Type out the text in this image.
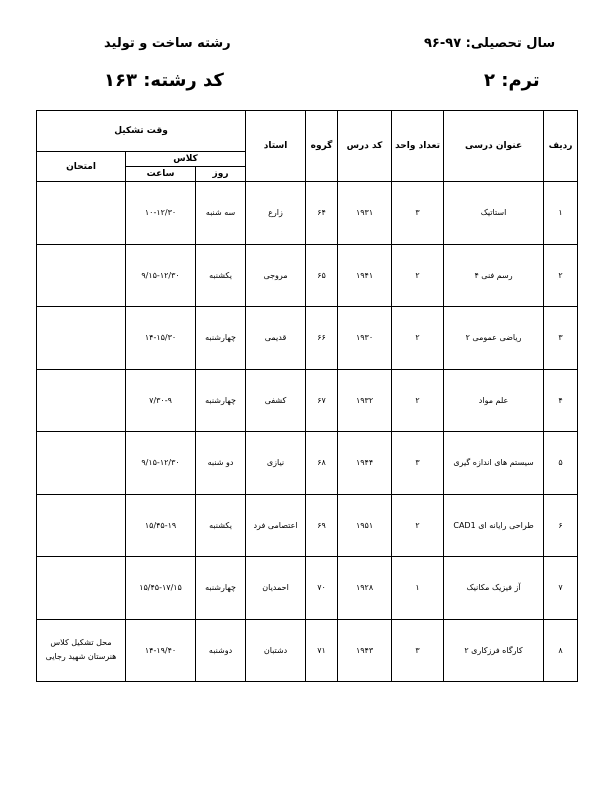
سال تحصیلی: ۹۷-۹۶
رشته ساخت و تولید
ترم: ۲
کد رشته: ۱۶۳
ردیف	عنوان درسی	تعداد واحد	کد درس	گروه	استاد	وقت تشکیل		
						کلاس		امتحان
						روز	ساعت	
۱	استاتیک	۳	۱۹۳۱	۶۴	زارع	سه شنبه	۱۰-۱۲/۳۰	
۲	رسم فنی ۴	۲	۱۹۴۱	۶۵	مروجی	یکشنبه	۹/۱۵-۱۲/۳۰	
۳	ریاضی عمومی ۲	۲	۱۹۳۰	۶۶	قدیمی	چهارشنبه	۱۴-۱۵/۳۰	
۴	علم مواد	۲	۱۹۳۲	۶۷	کشفی	چهارشنبه	۷/۳۰-۹	
۵	سیستم های اندازه گیری	۳	۱۹۴۴	۶۸	نیازی	دو شنبه	۹/۱۵-۱۲/۳۰	
۶	طراحی رایانه ای CAD1	۲	۱۹۵۱	۶۹	اعتصامی فرد	یکشنبه	۱۵/۴۵-۱۹	
۷	آز فیزیک مکانیک	۱	۱۹۲۸	۷۰	احمدیان	چهارشنبه	۱۵/۴۵-۱۷/۱۵	
۸	کارگاه فرزکاری ۲	۳	۱۹۴۳	۷۱	دشتبان	دوشنبه	۱۴-۱۹/۴۰	محل تشکیل کلاس هنرستان شهید رجایی
